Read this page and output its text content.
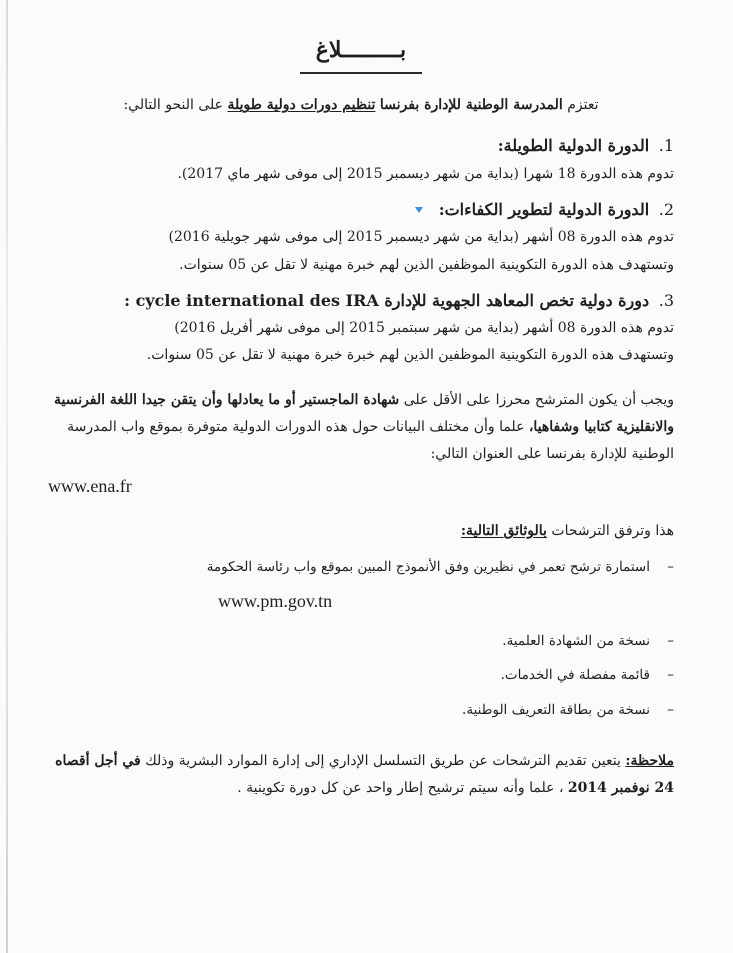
بـــــــــلاغ
تعتزم المدرسة الوطنية للإدارة بفرنسا تنظيم دورات دولية طويلة على النحو التالي:

1. الدورة الدولية الطويلة:

تدوم هذه الدورة 18 شهرا (بداية من شهر ديسمبر 2015 إلى موفى شهر ماي 2017).

2. الدورة الدولية لتطوير الكفاءات:

تدوم هذه الدورة 08 أشهر (بداية من شهر ديسمبر 2015 إلى موفى شهر جويلية 2016)

وتستهدف هذه الدورة التكوينية الموظفين الذين لهم خبرة مهنية لا تقل عن 05 سنوات.

3. دورة دولية تخص المعاهد الجهوية للإدارة cycle international des IRA :

تدوم هذه الدورة 08 أشهر (بداية من شهر سبتمبر 2015 إلى موفى شهر أفريل 2016)

وتستهدف هذه الدورة التكوينية الموظفين الذين لهم خبرة خبرة مهنية لا تقل عن 05 سنوات.

ويجب أن يكون المترشح محرزا على الأقل على شهادة الماجستير أو ما يعادلها وأن يتقن جيدا اللغة الفرنسية والانقليزية كتابيا وشفاهيا، علما وأن مختلف البيانات حول هذه الدورات الدولية متوفرة بموقع واب المدرسة الوطنية للإدارة بفرنسا على العنوان التالي:

www.ena.fr

هذا وترفق الترشحات بالوثائق التالية:

–
استمارة ترشح تعمر في نظيرين وفق الأنموذج المبين بموقع واب رئاسة الحكومة

www.pm.gov.tn

–
نسخة من الشهادة العلمية.
–
قائمة مفصلة في الخدمات.
–
نسخة من بطاقة التعريف الوطنية.

ملاحظة: يتعين تقديم الترشحات عن طريق التسلسل الإداري إلى إدارة الموارد البشرية وذلك في أجل أقصاه 24 نوفمبر 2014 ، علما وأنه سيتم ترشيح إطار واحد عن كل دورة تكوينية .
